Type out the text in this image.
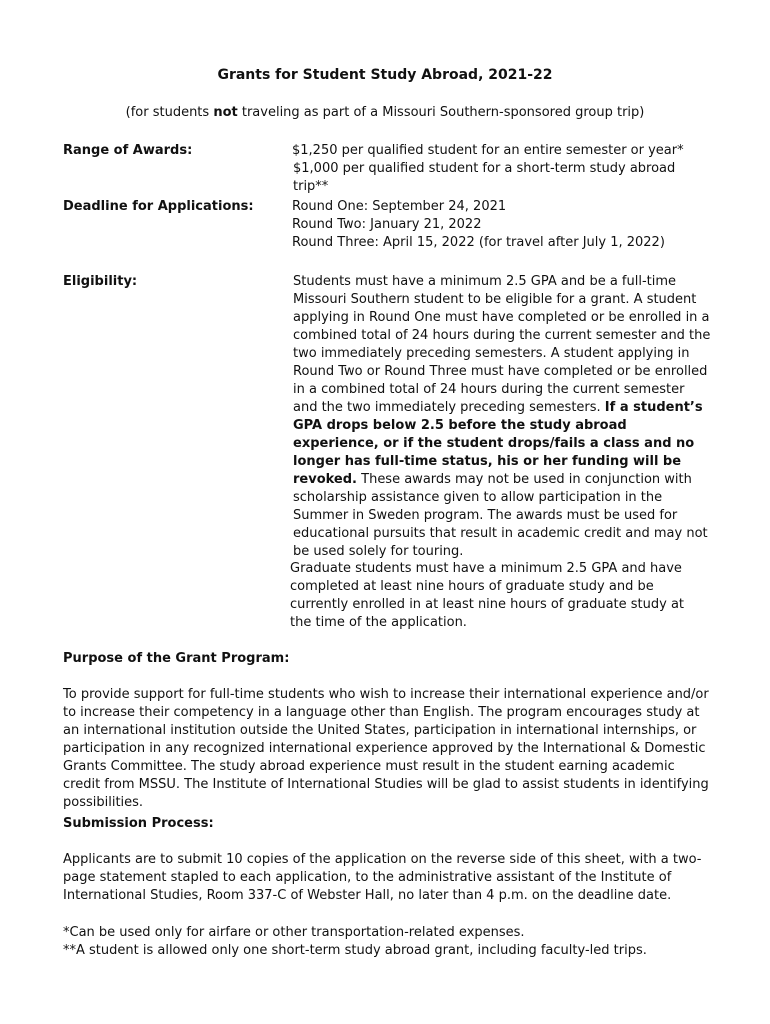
Grants for Student Study Abroad, 2021-22
(for students not traveling as part of a Missouri Southern-sponsored group trip)
Range of Awards:	$1,250 per qualified student for an entire semester or year*
$1,000 per qualified student for a short-term study abroad trip**
Deadline for Applications:	Round One: September 24, 2021
Round Two: January 21, 2022
Round Three: April 15, 2022 (for travel after July 1, 2022)
Eligibility:	Students must have a minimum 2.5 GPA and be a full-time Missouri Southern student to be eligible for a grant. A student applying in Round One must have completed or be enrolled in a combined total of 24 hours during the current semester and the two immediately preceding semesters. A student applying in Round Two or Round Three must have completed or be enrolled in a combined total of 24 hours during the current semester and the two immediately preceding semesters. If a student’s GPA drops below 2.5 before the study abroad experience, or if the student drops/fails a class and no longer has full-time status, his or her funding will be revoked. These awards may not be used in conjunction with scholarship assistance given to allow participation in the Summer in Sweden program. The awards must be used for educational pursuits that result in academic credit and may not be used solely for touring.

Graduate students must have a minimum 2.5 GPA and have completed at least nine hours of graduate study and be currently enrolled in at least nine hours of graduate study at the time of the application.

Purpose of the Grant Program:
To provide support for full-time students who wish to increase their international experience and/or to increase their competency in a language other than English. The program encourages study at an international institution outside the United States, participation in international internships, or participation in any recognized international experience approved by the International & Domestic Grants Committee. The study abroad experience must result in the student earning academic credit from MSSU. The Institute of International Studies will be glad to assist students in identifying possibilities.
Submission Process:
Applicants are to submit 10 copies of the application on the reverse side of this sheet, with a two-page statement stapled to each application, to the administrative assistant of the Institute of International Studies, Room 337-C of Webster Hall, no later than 4 p.m. on the deadline date.
*Can be used only for airfare or other transportation-related expenses.
**A student is allowed only one short-term study abroad grant, including faculty-led trips.
